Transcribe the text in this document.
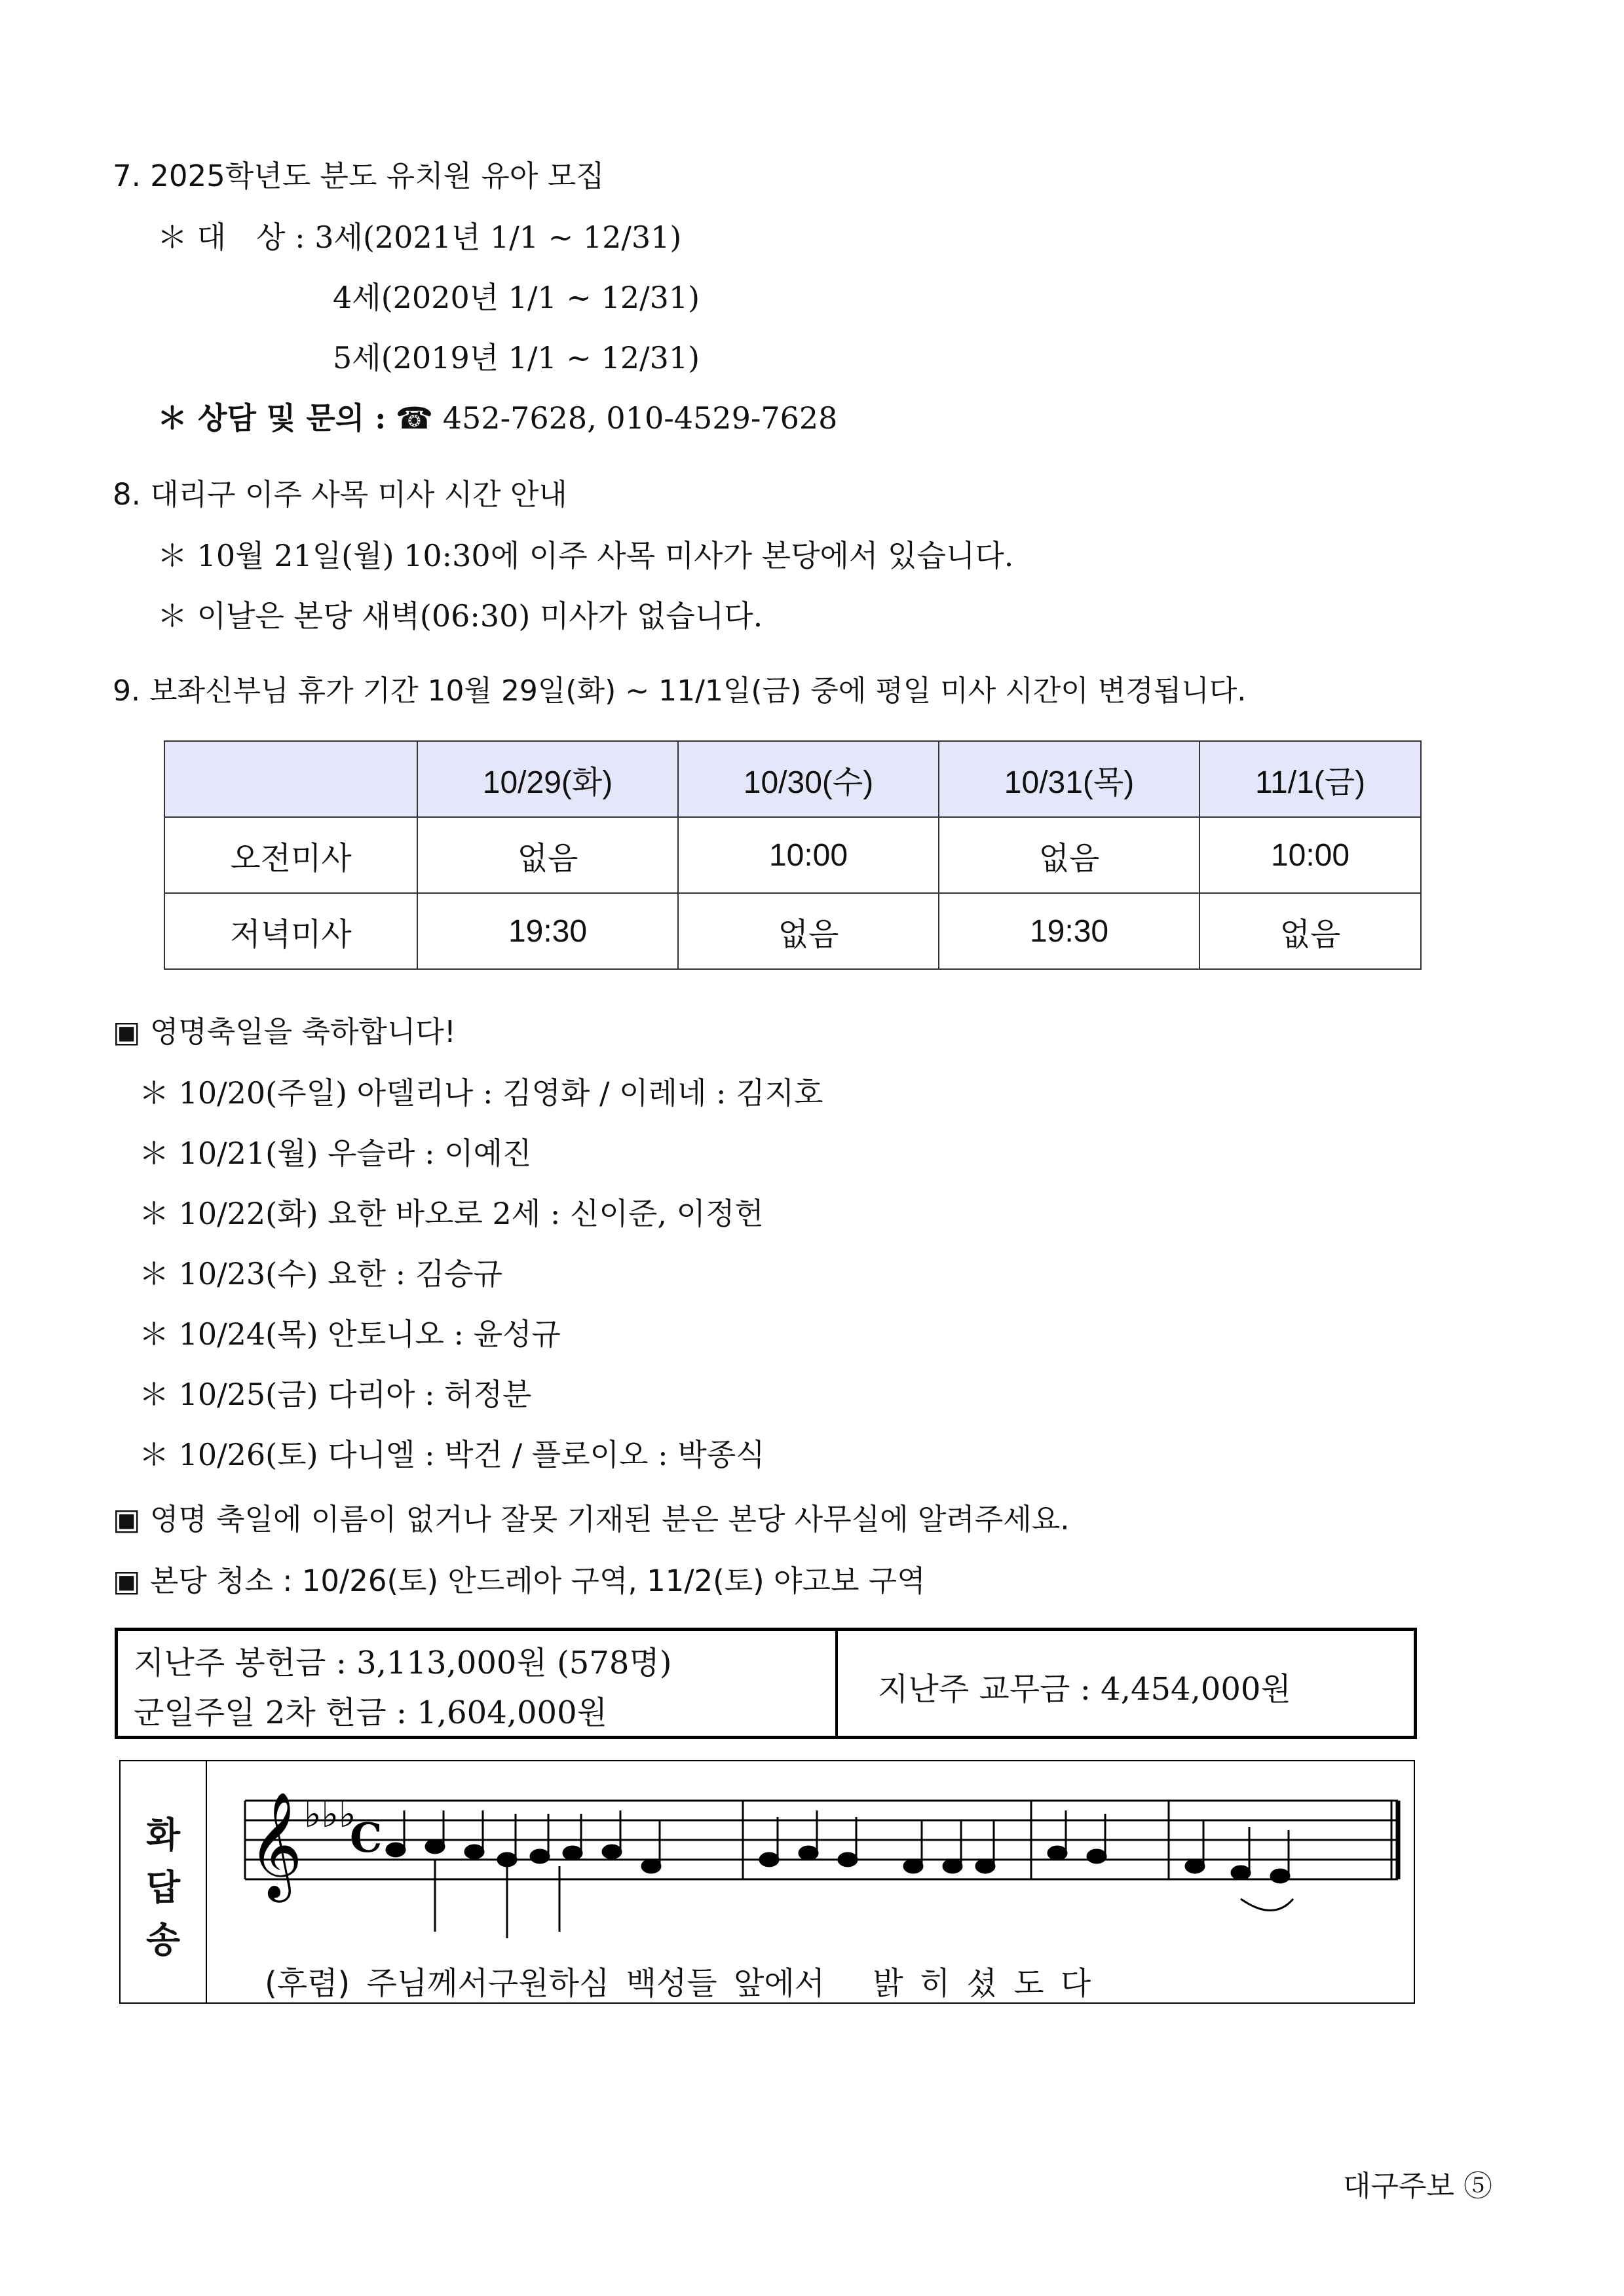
7. 2025학년도 분도 유치원 유아 모집
＊ 대　상 : 3세(2021년 1/1 ~ 12/31)
4세(2020년 1/1 ~ 12/31)
5세(2019년 1/1 ~ 12/31)
＊ 상담 및 문의 : ☎ 452-7628, 010-4529-7628
8. 대리구 이주 사목 미사 시간 안내
＊ 10월 21일(월) 10:30에 이주 사목 미사가 본당에서 있습니다.
＊ 이날은 본당 새벽(06:30) 미사가 없습니다.
9. 보좌신부님 휴가 기간 10월 29일(화) ~ 11/1일(금) 중에 평일 미사 시간이 변경됩니다.
	10/29(화)	10/30(수)	10/31(목)	11/1(금)
오전미사	없음	10:00	없음	10:00
저녁미사	19:30	없음	19:30	없음
▣ 영명축일을 축하합니다!
＊ 10/20(주일) 아델리나 : 김영화 / 이레네 : 김지호
＊ 10/21(월) 우슬라 : 이예진
＊ 10/22(화) 요한 바오로 2세 : 신이준, 이정헌
＊ 10/23(수) 요한 : 김승규
＊ 10/24(목) 안토니오 : 윤성규
＊ 10/25(금) 다리아 : 허정분
＊ 10/26(토) 다니엘 : 박건 / 플로이오 : 박종식
▣ 영명 축일에 이름이 없거나 잘못 기재된 분은 본당 사무실에 알려주세요.
▣ 본당 청소 : 10/26(토) 안드레아 구역, 11/2(토) 야고보 구역
지난주 봉헌금 : 3,113,000원 (578명)
군일주일 2차 헌금 : 1,604,000원
지난주 교무금 : 4,454,000원
화
답
송
𝄞 ♭♭♭
C
(후렴) 주님께서구원하심 백성들 앞에서　 밝 히 셨 도 다
대구주보 ⑤
